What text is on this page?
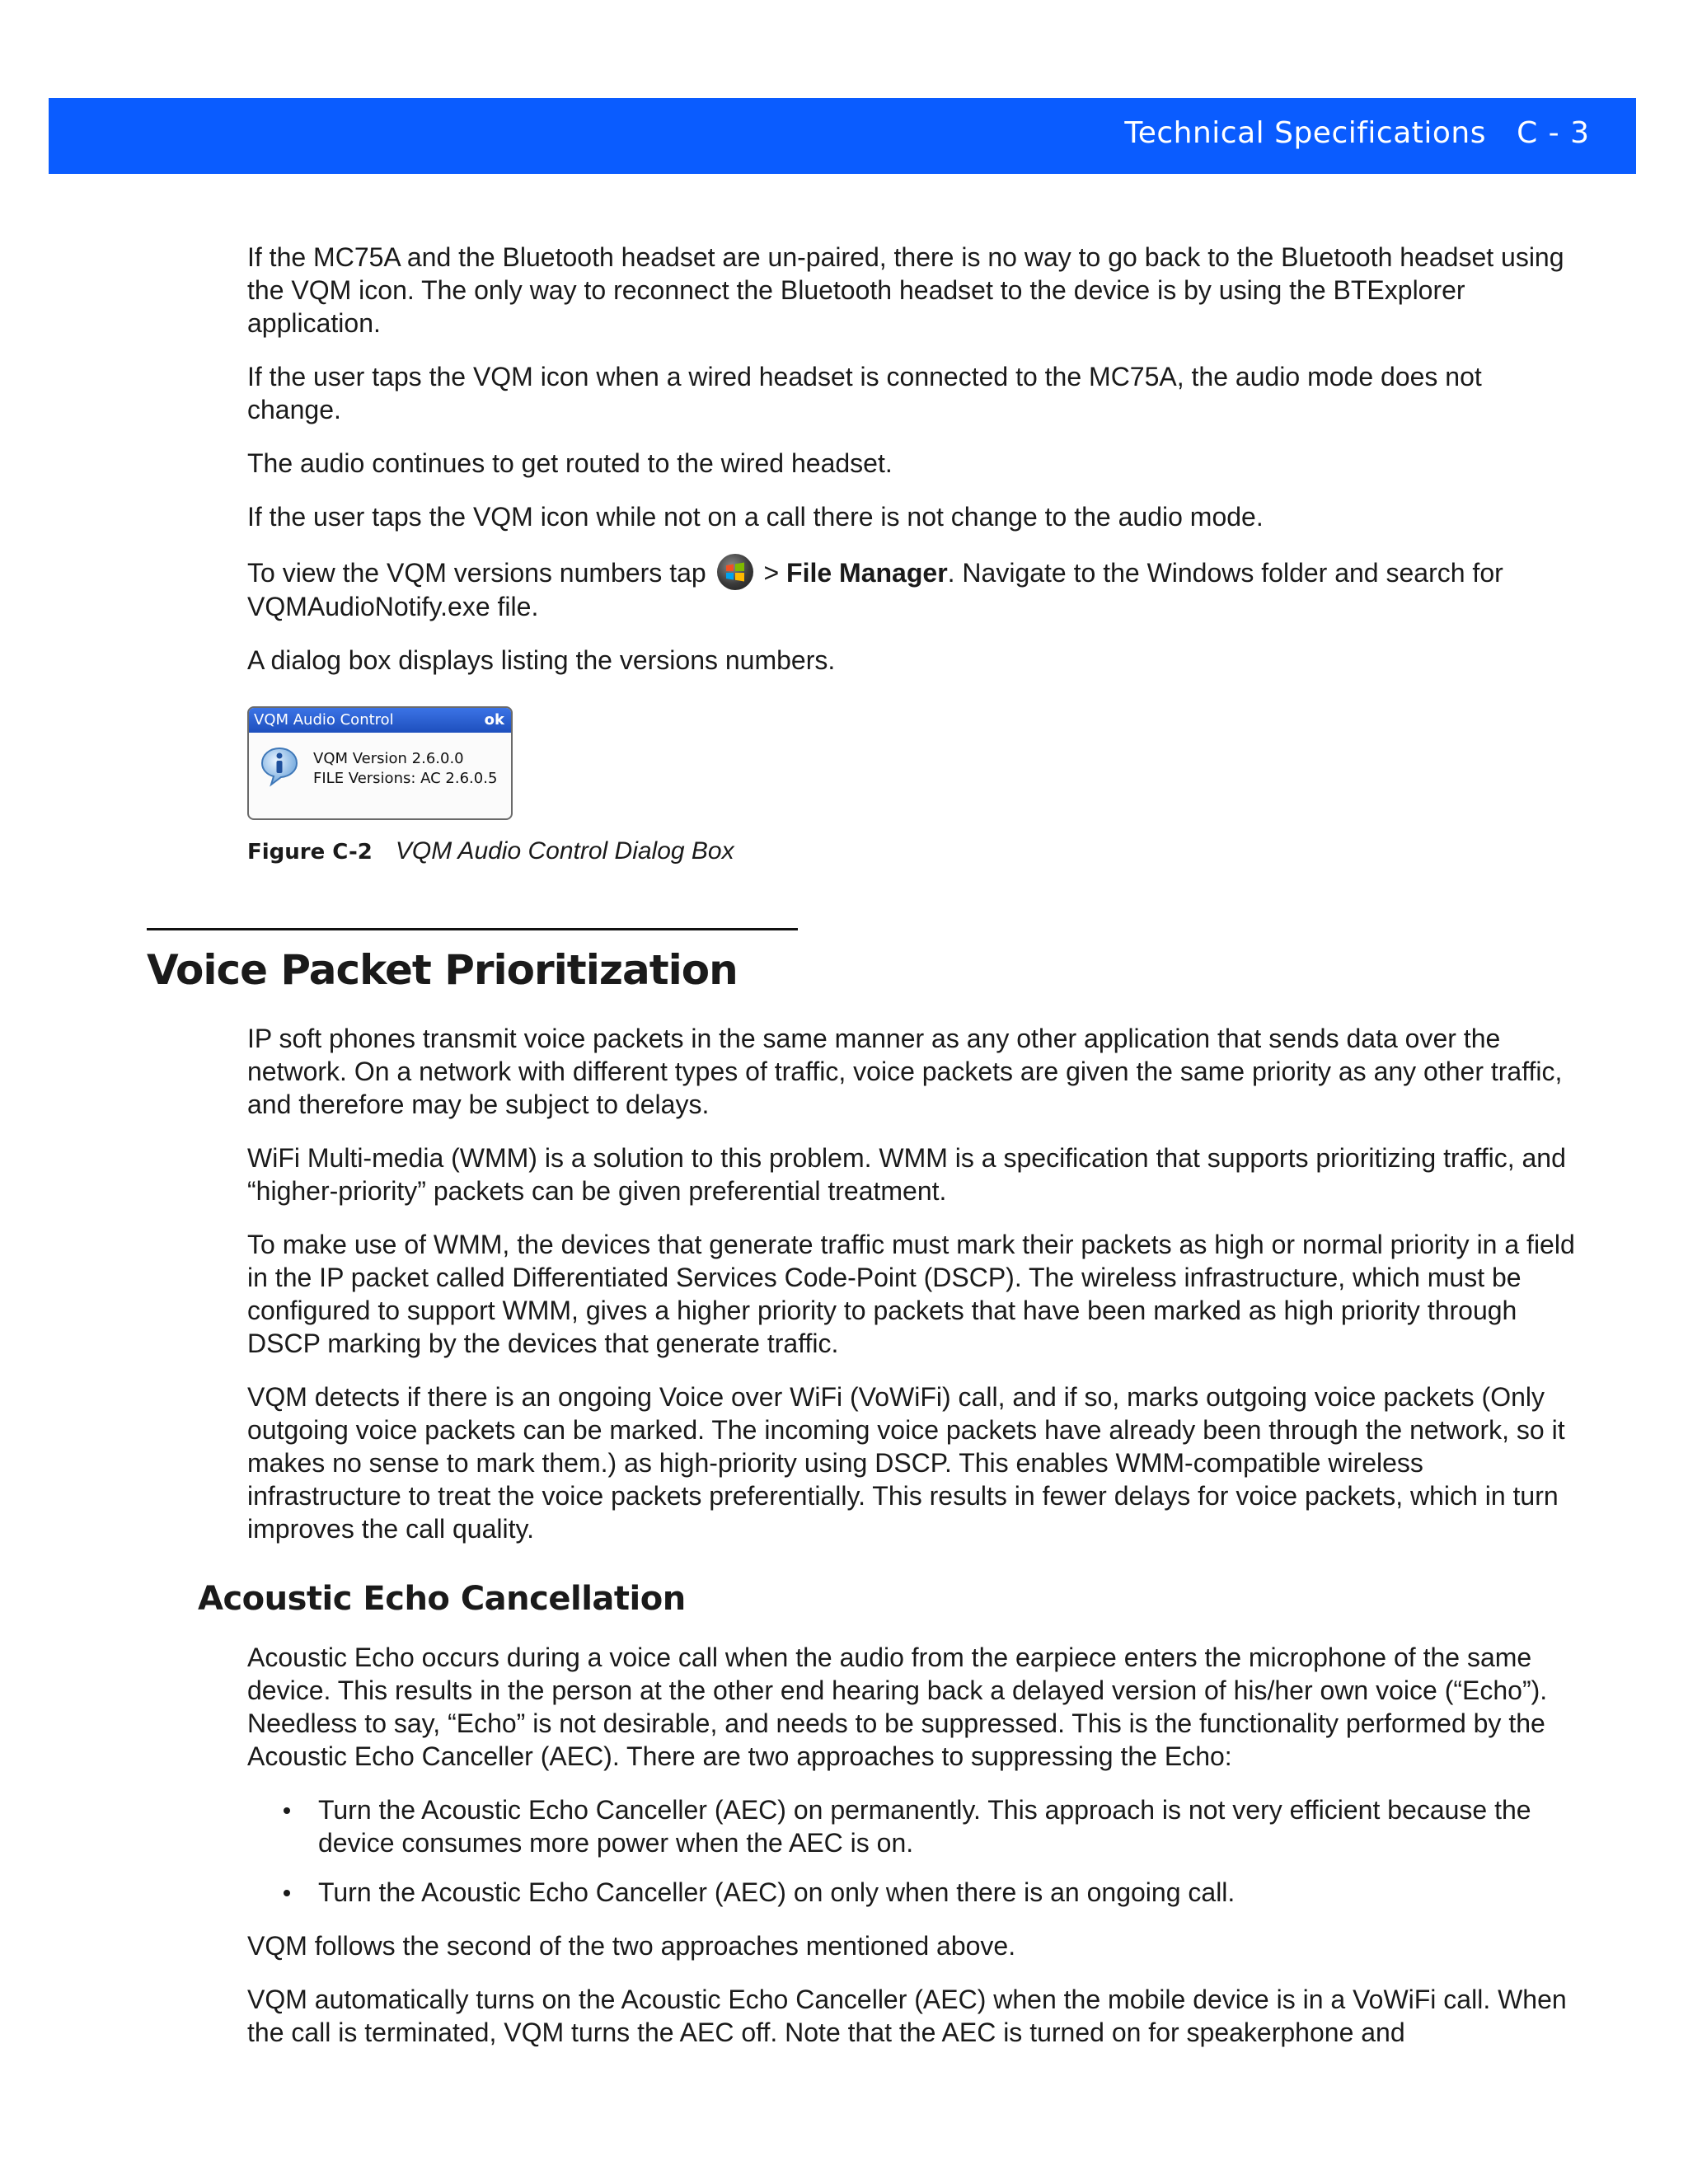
Technical Specifications C - 3

If the MC75A and the Bluetooth headset are un-paired, there is no way to go back to the Bluetooth headset using the VQM icon. The only way to reconnect the Bluetooth headset to the device is by using the BTExplorer application.

If the user taps the VQM icon when a wired headset is connected to the MC75A, the audio mode does not change.

The audio continues to get routed to the wired headset.

If the user taps the VQM icon while not on a call there is not change to the audio mode.

To view the VQM versions numbers tap
> File Manager. Navigate to the Windows folder and search for VQMAudioNotify.exe file.

A dialog box displays listing the versions numbers.

VQM Audio Control	ok
VQM Version 2.6.0.0
FILE Versions: AC 2.6.0.5
Figure C-2 VQM Audio Control Dialog Box
Voice Packet Prioritization

IP soft phones transmit voice packets in the same manner as any other application that sends data over the network. On a network with different types of traffic, voice packets are given the same priority as any other traffic, and therefore may be subject to delays.

WiFi Multi-media (WMM) is a solution to this problem. WMM is a specification that supports prioritizing traffic, and “higher-priority” packets can be given preferential treatment.

To make use of WMM, the devices that generate traffic must mark their packets as high or normal priority in a field in the IP packet called Differentiated Services Code-Point (DSCP). The wireless infrastructure, which must be configured to support WMM, gives a higher priority to packets that have been marked as high priority through DSCP marking by the devices that generate traffic.

VQM detects if there is an ongoing Voice over WiFi (VoWiFi) call, and if so, marks outgoing voice packets (Only outgoing voice packets can be marked. The incoming voice packets have already been through the network, so it makes no sense to mark them.) as high-priority using DSCP. This enables WMM-compatible wireless infrastructure to treat the voice packets preferentially. This results in fewer delays for voice packets, which in turn improves the call quality.

Acoustic Echo Cancellation

Acoustic Echo occurs during a voice call when the audio from the earpiece enters the microphone of the same device. This results in the person at the other end hearing back a delayed version of his/her own voice (“Echo”). Needless to say, “Echo” is not desirable, and needs to be suppressed. This is the functionality performed by the Acoustic Echo Canceller (AEC). There are two approaches to suppressing the Echo:

Turn the Acoustic Echo Canceller (AEC) on permanently. This approach is not very efficient because the device consumes more power when the AEC is on.
Turn the Acoustic Echo Canceller (AEC) on only when there is an ongoing call.

VQM follows the second of the two approaches mentioned above.

VQM automatically turns on the Acoustic Echo Canceller (AEC) when the mobile device is in a VoWiFi call. When the call is terminated, VQM turns the AEC off. Note that the AEC is turned on for speakerphone and
